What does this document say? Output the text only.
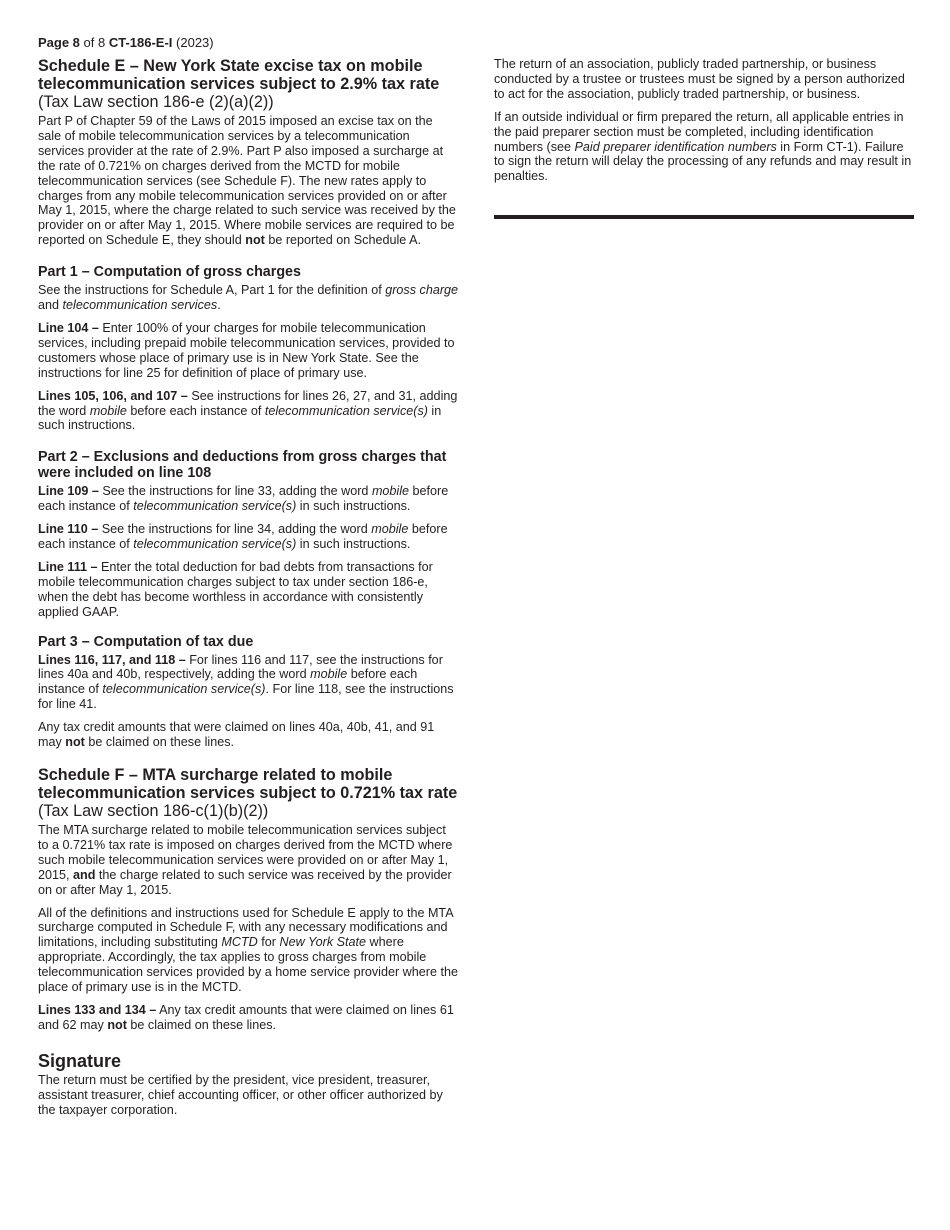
Page 8 of 8 CT-186-E-I (2023)
Schedule E – New York State excise tax on mobile telecommunication services subject to 2.9% tax rate
(Tax Law section 186-e (2)(a)(2))

Part P of Chapter 59 of the Laws of 2015 imposed an excise tax on the sale of mobile telecommunication services by a telecommunication services provider at the rate of 2.9%. Part P also imposed a surcharge at the rate of 0.721% on charges derived from the MCTD for mobile telecommunication services (see Schedule F). The new rates apply to charges from any mobile telecommunication services provided on or after May 1, 2015, where the charge related to such service was received by the provider on or after May 1, 2015. Where mobile services are required to be reported on Schedule E, they should not be reported on Schedule A.

Part 1 – Computation of gross charges

See the instructions for Schedule A, Part 1 for the definition of gross charge and telecommunication services.

Line 104 – Enter 100% of your charges for mobile telecommunication services, including prepaid mobile telecommunication services, provided to customers whose place of primary use is in New York State. See the instructions for line 25 for definition of place of primary use.

Lines 105, 106, and 107 – See instructions for lines 26, 27, and 31, adding the word mobile before each instance of telecommunication service(s) in such instructions.

Part 2 – Exclusions and deductions from gross charges that were included on line 108

Line 109 – See the instructions for line 33, adding the word mobile before each instance of telecommunication service(s) in such instructions.

Line 110 – See the instructions for line 34, adding the word mobile before each instance of telecommunication service(s) in such instructions.

Line 111 – Enter the total deduction for bad debts from transactions for mobile telecommunication charges subject to tax under section 186-e, when the debt has become worthless in accordance with consistently applied GAAP.

Part 3 – Computation of tax due

Lines 116, 117, and 118 – For lines 116 and 117, see the instructions for lines 40a and 40b, respectively, adding the word mobile before each instance of telecommunication service(s). For line 118, see the instructions for line 41.

Any tax credit amounts that were claimed on lines 40a, 40b, 41, and 91 may not be claimed on these lines.

Schedule F – MTA surcharge related to mobile telecommunication services subject to 0.721% tax rate (Tax Law section 186-c(1)(b)(2))

The MTA surcharge related to mobile telecommunication services subject to a 0.721% tax rate is imposed on charges derived from the MCTD where such mobile telecommunication services were provided on or after May 1, 2015, and the charge related to such service was received by the provider on or after May 1, 2015.

All of the definitions and instructions used for Schedule E apply to the MTA surcharge computed in Schedule F, with any necessary modifications and limitations, including substituting MCTD for New York State where appropriate. Accordingly, the tax applies to gross charges from mobile telecommunication services provided by a home service provider where the place of primary use is in the MCTD.

Lines 133 and 134 – Any tax credit amounts that were claimed on lines 61 and 62 may not be claimed on these lines.

Signature

The return must be certified by the president, vice president, treasurer, assistant treasurer, chief accounting officer, or other officer authorized by the taxpayer corporation.

The return of an association, publicly traded partnership, or business conducted by a trustee or trustees must be signed by a person authorized to act for the association, publicly traded partnership, or business.

If an outside individual or firm prepared the return, all applicable entries in the paid preparer section must be completed, including identification numbers (see Paid preparer identification numbers in Form CT-1). Failure to sign the return will delay the processing of any refunds and may result in penalties.
